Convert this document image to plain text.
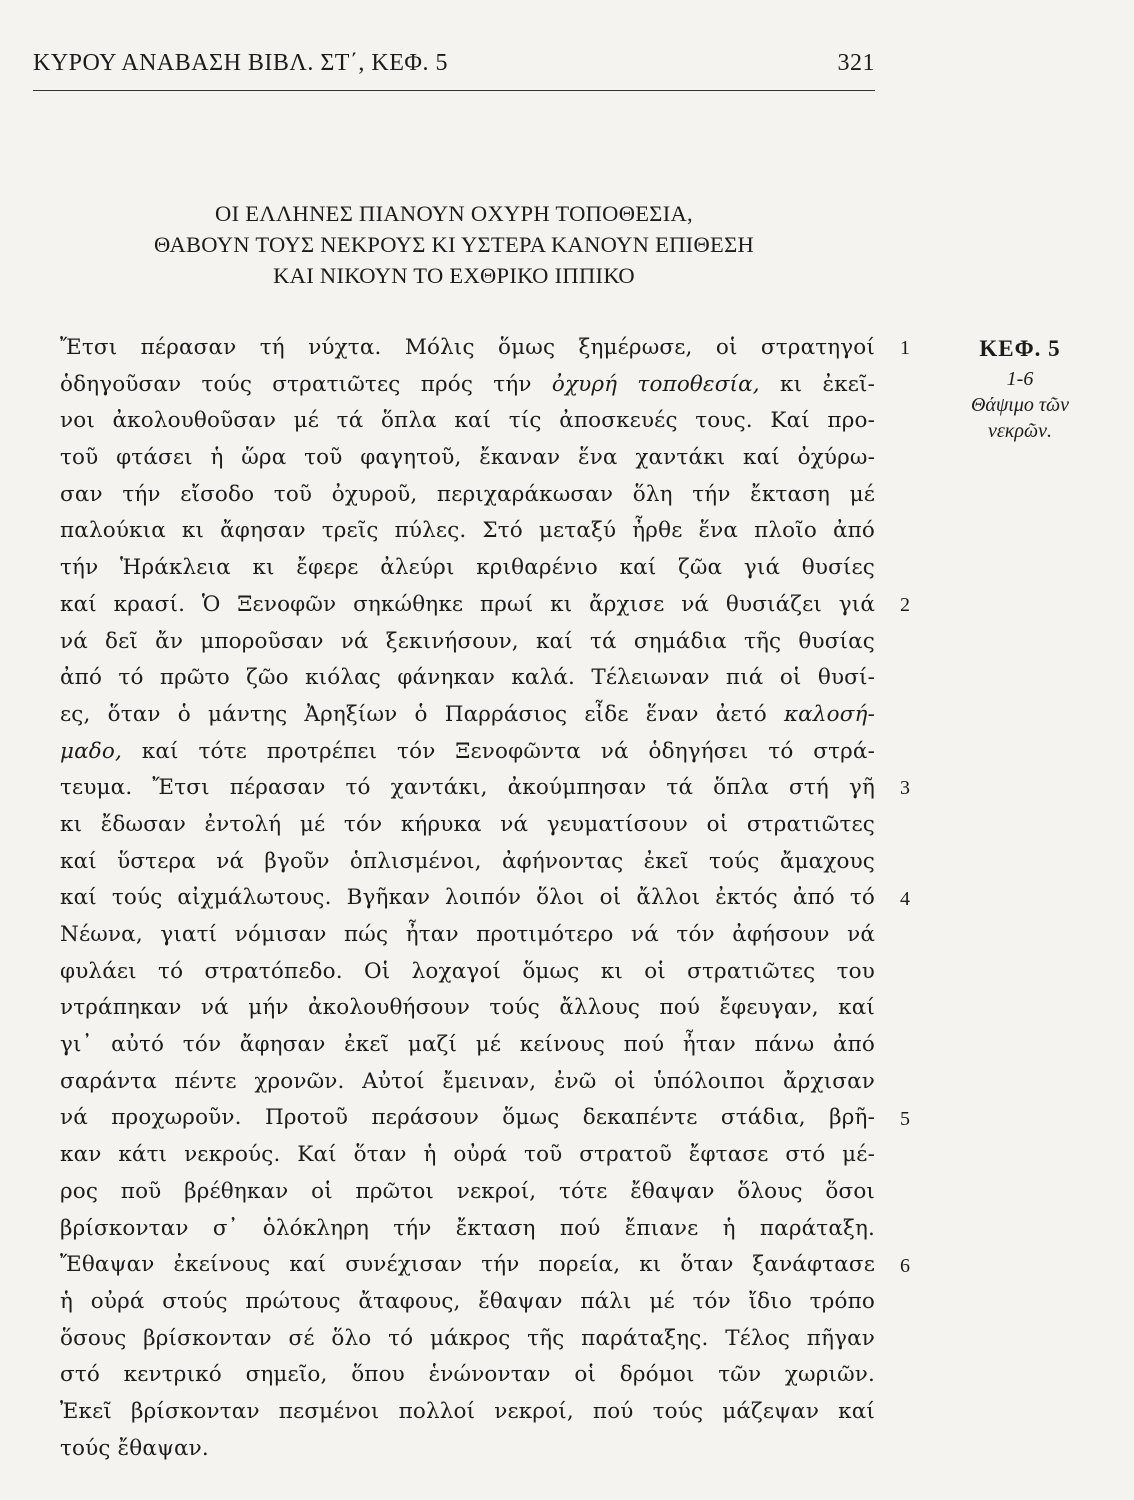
ΚΥΡΟΥ ΑΝΑΒΑΣΗ ΒΙΒΛ. ΣΤ΄, ΚΕΦ. 5	321
ΟΙ ΕΛΛΗΝΕΣ ΠΙΑΝΟΥΝ ΟΧΥΡΗ ΤΟΠΟΘΕΣΙΑ,
ΘΑΒΟΥΝ ΤΟΥΣ ΝΕΚΡΟΥΣ ΚΙ ΥΣΤΕΡΑ ΚΑΝΟΥΝ ΕΠΙΘΕΣΗ
ΚΑΙ ΝΙΚΟΥΝ ΤΟ ΕΧΘΡΙΚΟ ΙΠΠΙΚΟ
Ἔτσι πέρασαν τή νύχτα. Μόλις ὅμως ξημέρωσε, οἱ στρατηγοί
ὁδηγοῦσαν τούς στρατιῶτες πρός τήν ὀχυρή τοποθεσία, κι ἐκεῖ-
νοι ἀκολουθοῦσαν μέ τά ὅπλα καί τίς ἀποσκευές τους. Καί προ-
τοῦ φτάσει ἡ ὥρα τοῦ φαγητοῦ, ἔκαναν ἕνα χαντάκι καί ὀχύρω-
σαν τήν εἴσοδο τοῦ ὀχυροῦ, περιχαράκωσαν ὅλη τήν ἔκταση μέ
παλούκια κι ἄφησαν τρεῖς πύλες. Στό μεταξύ ἦρθε ἕνα πλοῖο ἀπό
τήν Ἡράκλεια κι ἔφερε ἀλεύρι κριθαρένιο καί ζῶα γιά θυσίες
καί κρασί. Ὁ Ξενοφῶν σηκώθηκε πρωί κι ἄρχισε νά θυσιάζει γιά
νά δεῖ ἄν μποροῦσαν νά ξεκινήσουν, καί τά σημάδια τῆς θυσίας
ἀπό τό πρῶτο ζῶο κιόλας φάνηκαν καλά. Τέλειωναν πιά οἱ θυσί-
ες, ὅταν ὁ μάντης Ἀρηξίων ὁ Παρράσιος εἶδε ἕναν ἀετό καλοσή-
μαδο, καί τότε προτρέπει τόν Ξενοφῶντα νά ὁδηγήσει τό στρά-
τευμα. Ἔτσι πέρασαν τό χαντάκι, ἀκούμπησαν τά ὅπλα στή γῆ
κι ἔδωσαν ἐντολή μέ τόν κήρυκα νά γευματίσουν οἱ στρατιῶτες
καί ὕστερα νά βγοῦν ὁπλισμένοι, ἀφήνοντας ἐκεῖ τούς ἄμαχους
καί τούς αἰχμάλωτους. Βγῆκαν λοιπόν ὅλοι οἱ ἄλλοι ἐκτός ἀπό τό
Νέωνα, γιατί νόμισαν πώς ἦταν προτιμότερο νά τόν ἀφήσουν νά
φυλάει τό στρατόπεδο. Οἱ λοχαγοί ὅμως κι οἱ στρατιῶτες του
ντράπηκαν νά μήν ἀκολουθήσουν τούς ἄλλους πού ἔφευγαν, καί
γι᾽ αὐτό τόν ἄφησαν ἐκεῖ μαζί μέ κείνους πού ἦταν πάνω ἀπό
σαράντα πέντε χρονῶν. Αὐτοί ἔμειναν, ἐνῶ οἱ ὑπόλοιποι ἄρχισαν
νά προχωροῦν. Προτοῦ περάσουν ὅμως δεκαπέντε στάδια, βρῆ-
καν κάτι νεκρούς. Καί ὅταν ἡ οὐρά τοῦ στρατοῦ ἔφτασε στό μέ-
ρος ποῦ βρέθηκαν οἱ πρῶτοι νεκροί, τότε ἔθαψαν ὅλους ὅσοι
βρίσκονταν σ᾽ ὁλόκληρη τήν ἔκταση πού ἔπιανε ἡ παράταξη.
Ἔθαψαν ἐκείνους καί συνέχισαν τήν πορεία, κι ὅταν ξανάφτασε
ἡ οὐρά στούς πρώτους ἄταφους, ἔθαψαν πάλι μέ τόν ἴδιο τρόπο
ὅσους βρίσκονταν σέ ὅλο τό μάκρος τῆς παράταξης. Τέλος πῆγαν
στό κεντρικό σημεῖο, ὅπου ἑνώνονταν οἱ δρόμοι τῶν χωριῶν.
Ἐκεῖ βρίσκονταν πεσμένοι πολλοί νεκροί, πού τούς μάζεψαν καί
τούς ἔθαψαν.
1
2
3
4
5
6
ΚΕΦ. 5
1-6
Θάψιμο τῶν νεκρῶν.
